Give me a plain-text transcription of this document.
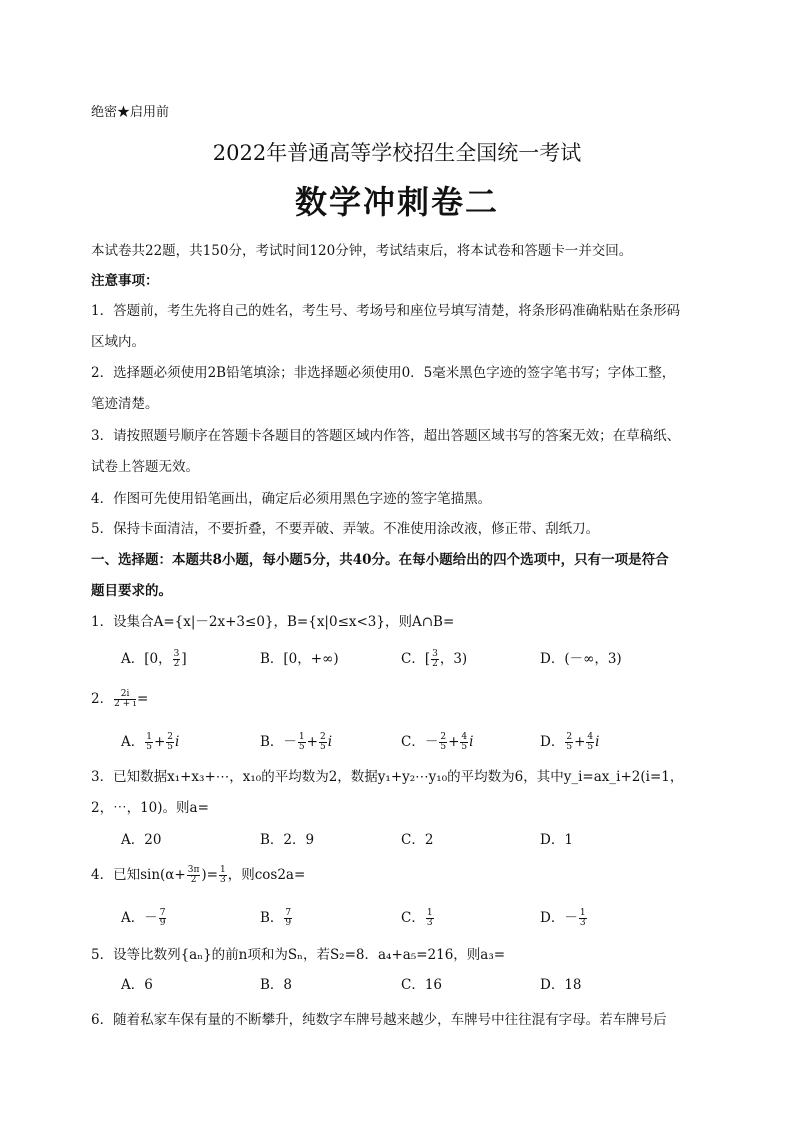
绝密★启用前
2022年普通高等学校招生全国统一考试
数学冲刺卷二
本试卷共22题，共150分，考试时间120分钟，考试结束后，将本试卷和答题卡一并交回。
注意事项：
1．答题前，考生先将自己的姓名，考生号、考场号和座位号填写清楚，将条形码准确粘贴在条形码
区域内。
2．选择题必须使用2B铅笔填涂；非选择题必须使用0．5毫米黑色字迹的签字笔书写；字体工整，
笔迹清楚。
3．请按照题号顺序在答题卡各题目的答题区域内作答，超出答题区域书写的答案无效；在草稿纸、
试卷上答题无效。
4．作图可先使用铅笔画出，确定后必须用黑色字迹的签字笔描黑。
5．保持卡面清洁，不要折叠，不要弄破、弄皱。不准使用涂改液，修正带、刮纸刀。
一、选择题：本题共8小题，每小题5分，共40分。在每小题给出的四个选项中，只有一项是符合
题目要求的。
1．设集合A={x|－2x+3≤0}，B={x|0≤x<3}，则A∩B=
A．[0， $\frac{3}{2}$ ]	B．[0，+∞)	C．[ $\frac{3}{2}$ ，3)	D．(－∞，3)
2． $\frac{2i}{2 + i}$ =
A． $\frac{1}{5} + \frac{2}{5}$ i	B．－ $\frac{1}{5} + \frac{2}{5}$ i	C．－ $\frac{2}{5} + \frac{4}{5}$ i	D． $\frac{2}{5} + \frac{4}{5}$ i
3．已知数据x₁+x₃+⋯，x₁₀的平均数为2，数据y₁+y₂⋯y₁₀的平均数为6，其中y_i=ax_i+2(i=1，
2，⋯，10)。则a=
A．20	B．2．9	C．2	D．1
4．已知$\sin(\alpha+ \frac{3\pi}{2}$ )= $\frac{1}{3}$ ，则cos2a=
A．－ $\frac{7}{9}$	B． $\frac{7}{9}$	C． $\frac{1}{3}$	D．－ $\frac{1}{3}$
5．设等比数列{aₙ}的前n项和为Sₙ，若S₂=8．a₄+a₅=216，则a₃=
A．6	B．8	C．16	D．18
6．随着私家车保有量的不断攀升，纯数字车牌号越来越少，车牌号中往往混有字母。若车牌号后
